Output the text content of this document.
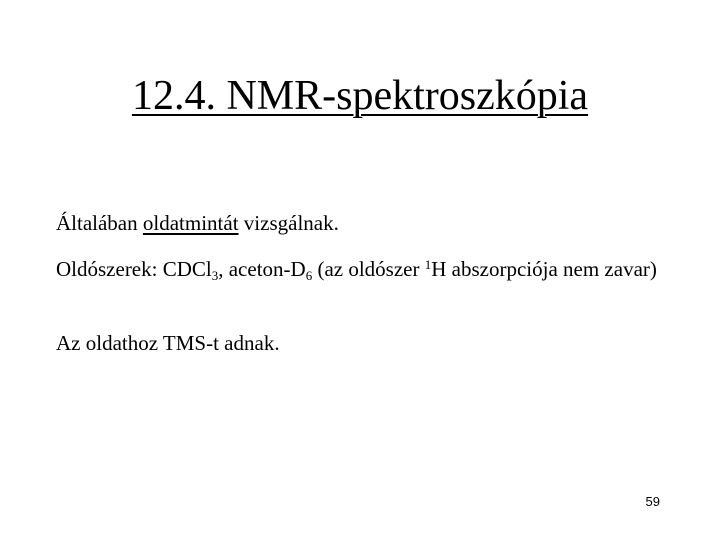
12.4. NMR-spektroszkópia

Általában oldatmintát vizsgálnak.

Oldószerek: CDCl$_3$, aceton-$D_6$ (az oldószer $^1$H abszorpciója nem zavar)

Az oldathoz TMS-t adnak.

59
